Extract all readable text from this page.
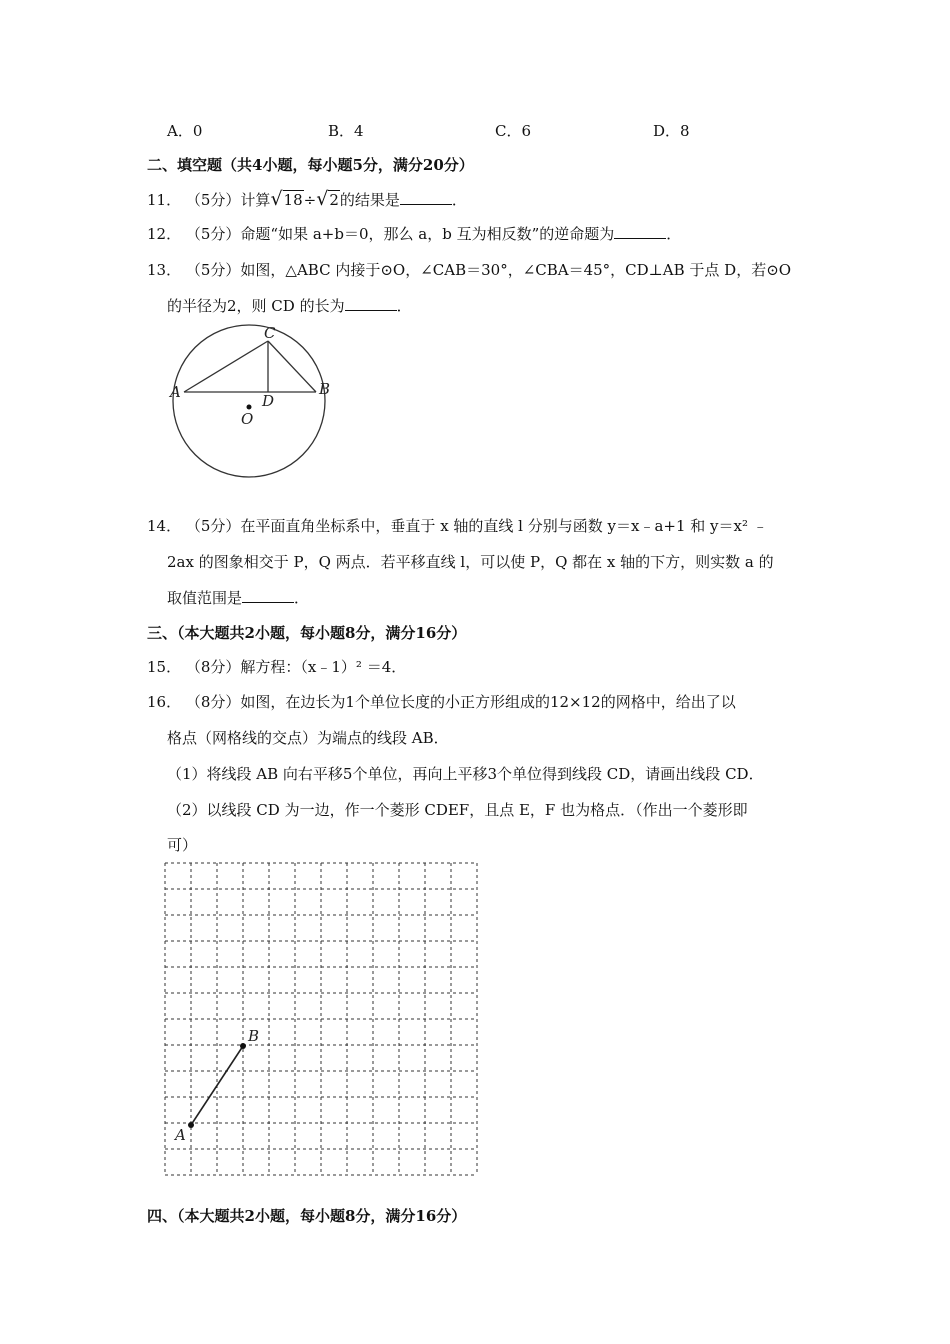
A．0	B．4	C．6	D．8
二、填空题（共4小题，每小题5分，满分20分）
11． （5分）计算√18÷√2的结果是	．
12． （5分）命题“如果 a+b＝0，那么 a，b 互为相反数”的逆命题为	．
13． （5分）如图，△ABC 内接于⊙O，∠CAB＝30°，∠CBA＝45°，CD⊥AB 于点 D，若⊙O
的半径为2，则 CD 的长为	．
C
A	B
D
O
14． （5分）在平面直角坐标系中，垂直于 x 轴的直线 l 分别与函数 y＝x﹣a+1 和 y＝x² ﹣
2ax 的图象相交于 P，Q 两点．若平移直线 l，可以使 P，Q 都在 x 轴的下方，则实数 a 的
取值范围是	．
三、（本大题共2小题，每小题8分，满分16分）
15． （8分）解方程：（x﹣1）² ＝4．
16． （8分）如图，在边长为1个单位长度的小正方形组成的12×12的网格中，给出了以
格点（网格线的交点）为端点的线段 AB．
（1）将线段 AB 向右平移5个单位，再向上平移3个单位得到线段 CD，请画出线段 CD．
（2）以线段 CD 为一边，作一个菱形 CDEF，且点 E，F 也为格点．（作出一个菱形即
可）
A
B
四、（本大题共2小题，每小题8分，满分16分）
